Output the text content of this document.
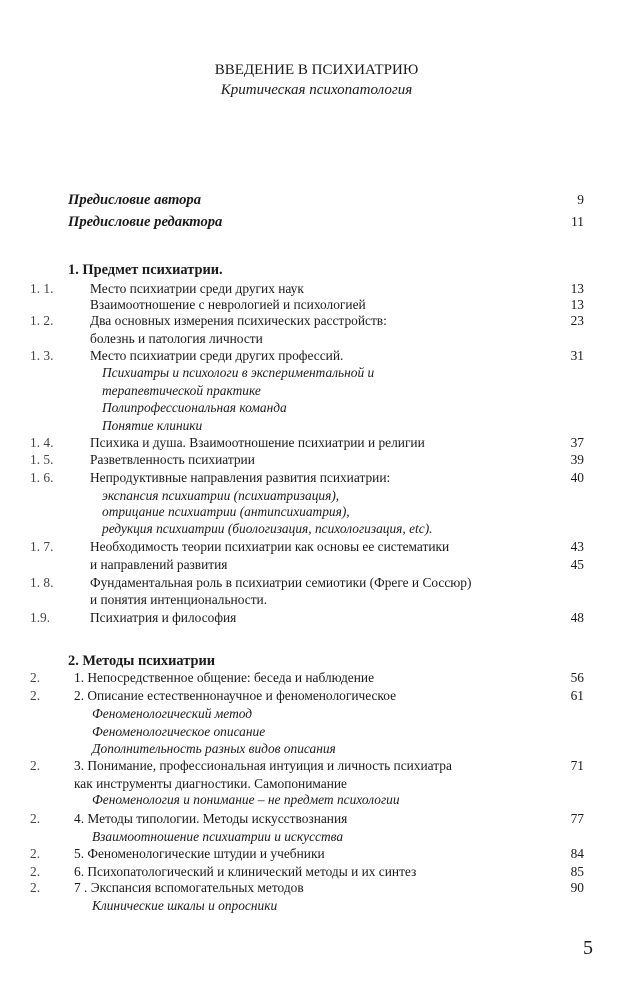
ВВЕДЕНИЕ В ПСИХИАТРИЮ
Критическая психопатология
Предисловие автора	9
Предисловие редактора	11
1. Предмет психиатрии.
1. 1.	Место психиатрии среди других наук	13
Взаимоотношение с неврологией и психологией	13
1. 2.	Два основных измерения психических расстройств:	23
болезнь и патология личности
1. 3.	Место психиатрии среди других профессий.	31
Психиатры и психологи в экспериментальной и
терапевтической практике
Полипрофессиональная команда
Понятие клиники
1. 4.	Психика и душа. Взаимоотношение психиатрии и религии	37
1. 5.	Разветвленность психиатрии	39
1. 6.	Непродуктивные направления развития психиатрии:	40
экспансия психиатрии (психиатризация),
отрицание психиатрии (антипсихиатрия),
редукция психиатрии (биологизация, психологизация, etc).
1. 7.	Необходимость теории психиатрии как основы ее систематики	43
и направлений развития	45
1. 8.	Фундаментальная роль в психиатрии семиотики (Фреге и Соссюр)
и понятия интенциональности.
1.9.	Психиатрия и философия	48
2. Методы психиатрии
2.	1. Непосредственное общение: беседа и наблюдение	56
2.	2. Описание естественнонаучное и феноменологическое	61
Феноменологический метод
Феноменологическое описание
Дополнительность разных видов описания
2.	3. Понимание, профессиональная интуиция и личность психиатра	71
как инструменты диагностики. Самопонимание
Феноменология и понимание – не предмет психологии
2.	4. Методы типологии. Методы искусствознания	77
Взаимоотношение психиатрии и искусства
2.	5. Феноменологические штудии и учебники	84
2.	6. Психопатологический и клинический методы и их синтез	85
2.	7 . Экспансия вспомогательных методов	90
Клинические шкалы и опросники
5
